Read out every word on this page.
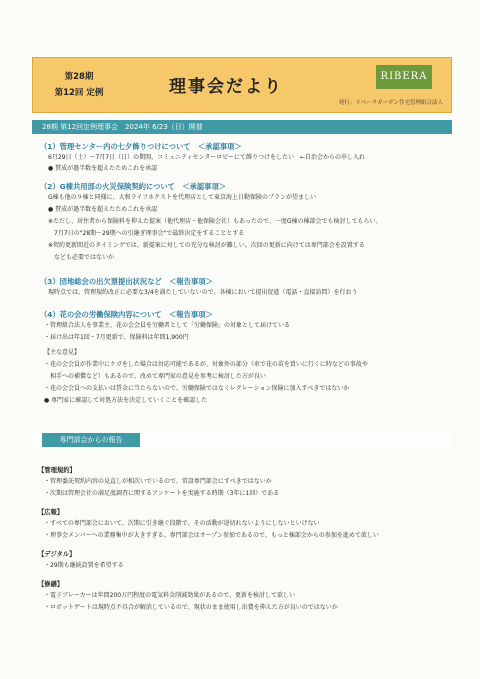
第28期
第12回 定例	理事会だより
RIBERA
発行：リベーラガーデン住宅管理組合法人
28期 第12回定例理事会　2024年 6/23（日）開催
（1）管理センター内の七夕飾りつけについて　＜承認事項＞
6月29日（土）〜7月7日（日）の期間、コミュニティセンターロビーにて飾りつけをしたい　←自治会からの申し入れ
● 賛成が過半数を超えたためこれを承認
（2）G棟共用部の火災保険契約について　＜承認事項＞
G棟も他の９棟と同様に、大和ライフネクストを代理店として東京海上日動保険のプランが望ましい
● 賛成が過半数を超えたためこれを承認
※ただし、居住者から保険料を抑えた提案（他代理店・他保険会社）もあったので、一度G棟の棟部会でも検討してもらい、
　7月7日の"28期〜29期への引継ぎ理事会"で最終決定をすることとする
※契約更新間近のタイミングでは、新提案に対しての充分な検討が難しい。次回の更新に向けては専門部会を設置する
　なども必要ではないか
（3）団地総会の出欠票提出状況など　＜報告事項＞
現時点では、管理規約改正に必要な3/4を満たしていないので、各棟において提出促進（電話・直接訪問）を行おう
（4）花の会の労働保険内容について　＜報告事項＞
・管理組合法人を事業主、花の会会員を労働者として「労働保険」の対象として届けている
・届け出は年1回・7月更新で、保険料は年間1,900円
【主な意見】
・花の会会員が作業中にケガをした場合は対応可能であるが、対象外の部分（車で花の苗を買いに行くに時などの事故や
　相手への補償など）もあるので、改めて専門家の意見を参考に検討した方が良い
・花の会会員への支払いは賃金に当たらないので、労働保険ではなくレクレーション保険に加入すべきではないか
● 専門家に確認して対処方法を決定していくことを確認した
専門部会からの報告
【管理規約】
・管理委託契約内容の見直しが相次いでいるので、常設専門部会にすべきではないか
・次期は管理会社の満足度調査に関するアンケートを実施する時期（3年に1回）である
【広報】
・すべての専門部会において、次期に引き継ぐ段階で、その活動が途切れないようにしないといけない
・理事会メンバーへの業務集中が大きすぎる。専門部会はオープン参加であるので、もっと棟部会からの参加を進めて欲しい
【デジタル】
・29期も継続設置を希望する
【修繕】
・電子ブレーカーは年間200万円程度の電気料金削減効果があるので、更新を検討して欲しい
・ロボットゲートは現時点不具合が解消しているので、現状のまま使用し出費を抑えた方が良いのではないか
